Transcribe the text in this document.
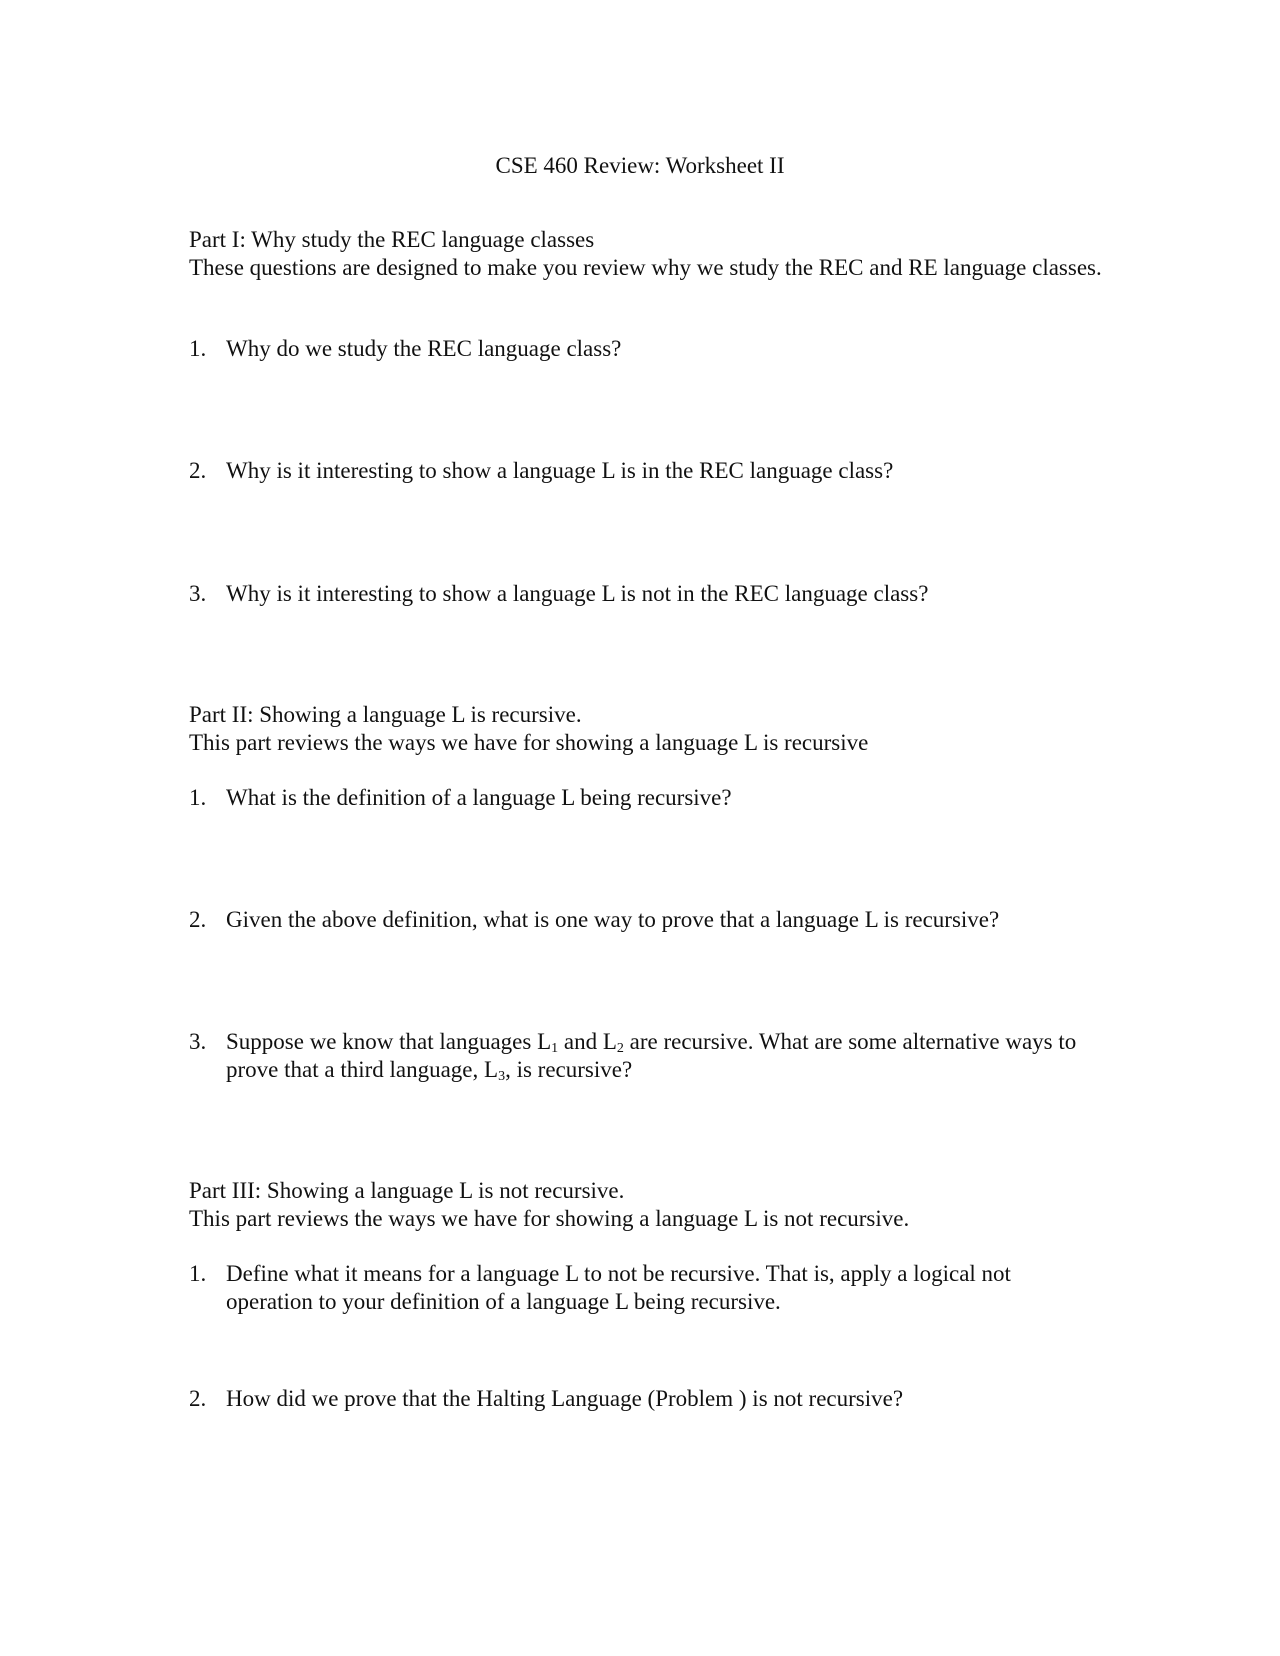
CSE 460 Review: Worksheet II

Part I: Why study the REC language classes

These questions are designed to make you review why we study the REC and RE language classes.

1. Why do we study the REC language class?
2. Why is it interesting to show a language L is in the REC language class?
3. Why is it interesting to show a language L is not in the REC language class?

Part II: Showing a language L is recursive.

This part reviews the ways we have for showing a language L is recursive

1. What is the definition of a language L being recursive?
2. Given the above definition, what is one way to prove that a language L is recursive?
3. Suppose we know that languages $L_1$ and $L_2$ are recursive. What are some alternative ways to prove that a third language, $L_3$, is recursive?

Part III: Showing a language L is not recursive.

This part reviews the ways we have for showing a language L is not recursive.

1. Define what it means for a language L to not be recursive. That is, apply a logical not operation to your definition of a language L being recursive.
2. How did we prove that the Halting Language (Problem ) is not recursive?
